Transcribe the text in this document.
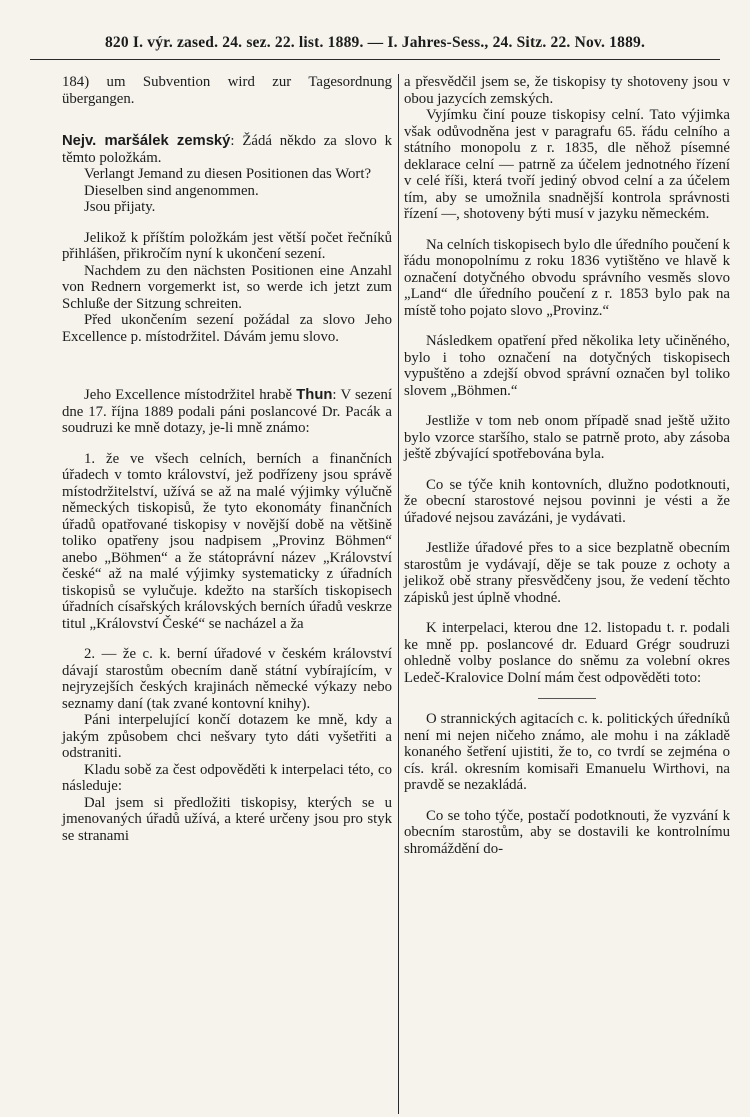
820 I. výr. zased. 24. sez. 22. list. 1889. — I. Jahres-Sess., 24. Sitz. 22. Nov. 1889.

184) um Subvention wird zur Tagesordnung übergangen.

Nejv. maršálek zemský: Žádá někdo za slovo k těmto položkám.

Verlangt Jemand zu diesen Positionen das Wort?

Dieselben sind angenommen.

Jsou přijaty.

Jelikož k příštím položkám jest větší počet řečníků přihlášen, přikročím nyní k ukončení sezení.

Nachdem zu den nächsten Positionen eine Anzahl von Rednern vorgemerkt ist, so werde ich jetzt zum Schluße der Sitzung schreiten.

Před ukončením sezení požádal za slovo Jeho Excellence p. místodržitel. Dávám jemu slovo.

Jeho Excellence místodržitel hrabě Thun: V sezení dne 17. října 1889 podali páni poslancové Dr. Pacák a soudruzi ke mně dotazy, je-li mně známo:

1. že ve všech celních, berních a finančních úřadech v tomto království, jež podřízeny jsou správě místodržitelství, užívá se až na malé výjimky výlučně německých tiskopisů, že tyto ekonomáty finančních úřadů opatřované tiskopisy v novější době na většině toliko opatřeny jsou nadpisem „Provinz Böhmen“ anebo „Böhmen“ a že státoprávní název „Království české“ až na malé výjimky systematicky z úřadních tiskopisů se vylučuje. kdežto na starších tiskopisech úřadních císařských královských berních úřadů veskrze titul „Království České“ se nacházel a ža

2. — že c. k. berní úřadové v českém království dávají starostům obecním daně státní vybírajícím, v nejryzejších českých krajinách německé výkazy nebo seznamy daní (tak zvané kontovní knihy).

Páni interpelující končí dotazem ke mně, kdy a jakým způsobem chci nešvary tyto dáti vyšetřiti a odstraniti.

Kladu sobě za čest odpověděti k interpelaci této, co následuje:

Dal jsem si předložiti tiskopisy, kterých se u jmenovaných úřadů užívá, a které určeny jsou pro styk se stranami

a přesvědčil jsem se, že tiskopisy ty shotoveny jsou v obou jazycích zemských.

Vyjímku činí pouze tiskopisy celní. Tato výjimka však odůvodněna jest v paragrafu 65. řádu celního a státního monopolu z r. 1835, dle něhož písemné deklarace celní — patrně za účelem jednotného řízení v celé říši, která tvoří jediný obvod celní a za účelem tím, aby se umožnila snadnější kontrola správnosti řízení —, shotoveny býti musí v jazyku německém.

Na celních tiskopisech bylo dle úředního poučení k řádu monopolnímu z roku 1836 vytištěno ve hlavě k označení dotyčného obvodu správního vesměs slovo „Land“ dle úředního poučení z r. 1853 bylo pak na místě toho pojato slovo „Provinz.“

Následkem opatření před několika lety učiněného, bylo i toho označení na dotyčných tiskopisech vypuštěno a zdejší obvod správní označen byl toliko slovem „Böhmen.“

Jestliže v tom neb onom případě snad ještě užito bylo vzorce staršího, stalo se patrně proto, aby zásoba ještě zbývající spotřebována byla.

Co se týče knih kontovních, dlužno podotknouti, že obecní starostové nejsou povinni je vésti a že úřadové nejsou zavázáni, je vydávati.

Jestliže úřadové přes to a sice bezplatně obecním starostům je vydávají, děje se tak pouze z ochoty a jelikož obě strany přesvědčeny jsou, že vedení těchto zápisků jest úplně vhodné.

K interpelaci, kterou dne 12. listopadu t. r. podali ke mně pp. poslancové dr. Eduard Grégr soudruzi ohledně volby poslance do sněmu za volební okres Ledeč-Kralovice Dolní mám čest odpověděti toto:

O strannických agitacích c. k. politických úředníků není mi nejen ničeho známo, ale mohu i na základě konaného šetření ujistiti, že to, co tvrdí se zejména o cís. král. okresním komisaři Emanuelu Wirthovi, na pravdě se nezakládá.

Co se toho týče, postačí podotknouti, že vyzvání k obecním starostům, aby se dostavili ke kontrolnímu shromáždění do-
